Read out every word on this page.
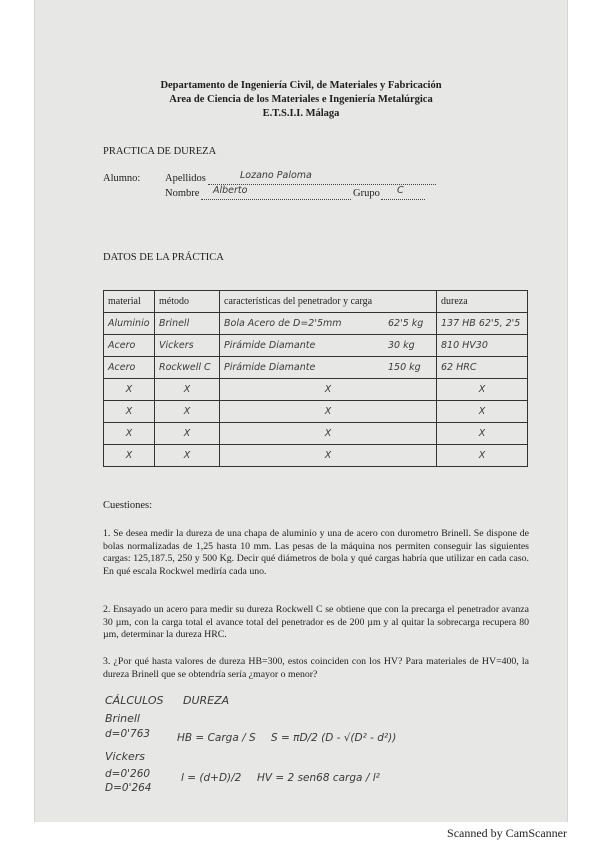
Departamento de Ingeniería Civil, de Materiales y Fabricación
Area de Ciencia de los Materiales e Ingeniería Metalúrgica
E.T.S.I.I. Málaga
PRACTICA DE DUREZA
Alumno: Apellidos	Lozano Paloma
Nombre Alberto	Grupo C
DATOS DE LA PRÁCTICA
material	método	características del penetrador y carga		dureza
Aluminio	Brinell	Bola Acero de D=2'5mm	62'5 kg	137 HB 62'5, 2'5
Acero	Vickers	Pirámide Diamante	30 kg	810 HV30
Acero	Rockwell C	Pirámide Diamante	150 kg	62 HRC
X	X	X		X
X	X	X		X
X	X	X		X
X	X	X		X
Cuestiones:
1. Se desea medir la dureza de una chapa de aluminio y una de acero con durometro Brinell. Se dispone de bolas normalizadas de 1,25 hasta 10 mm. Las pesas de la máquina nos permiten conseguir las siguientes cargas: 125,187.5, 250 y 500 Kg. Decir qué diámetros de bola y qué cargas habría que utilizar en cada caso. En qué escala Rockwel mediría cada uno.
2. Ensayado un acero para medir su dureza Rockwell C se obtiene que con la precarga el penetrador avanza 30 µm, con la carga total el avance total del penetrador es de 200 µm y al quitar la sobrecarga recupera 80 µm, determinar la dureza HRC.
3. ¿Por qué hasta valores de dureza HB=300, estos coinciden con los HV? Para materiales de HV=400, la dureza Brinell que se obtendría sería ¿mayor o menor?
CÁLCULOS DUREZA
Brinell
d=0'763	HB = Carga / S S = πD/2 (D - √(D² - d²))
Vickers
d=0'260
D=0'264
l = (d+D)/2 HV = 2 sen68 carga / l²
Scanned by CamScanner
